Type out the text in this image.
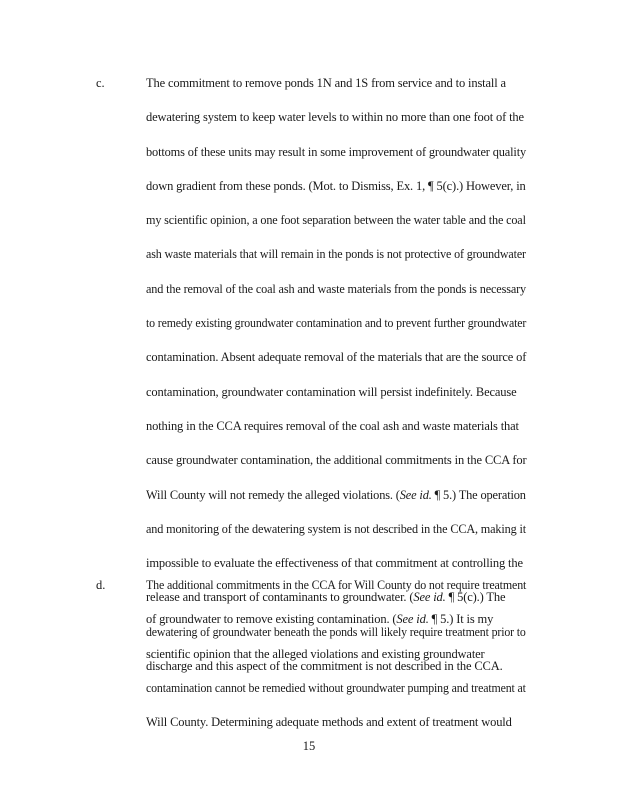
c.	The commitment to remove ponds 1N and 1S from service and to install a
dewatering system to keep water levels to within no more than one foot of the
bottoms of these units may result in some improvement of groundwater quality
down gradient from these ponds. (Mot. to Dismiss, Ex. 1, ¶ 5(c).) However, in
my scientific opinion, a one foot separation between the water table and the coal
ash waste materials that will remain in the ponds is not protective of groundwater
and the removal of the coal ash and waste materials from the ponds is necessary
to remedy existing groundwater contamination and to prevent further groundwater
contamination. Absent adequate removal of the materials that are the source of
contamination, groundwater contamination will persist indefinitely. Because
nothing in the CCA requires removal of the coal ash and waste materials that
cause groundwater contamination, the additional commitments in the CCA for
Will County will not remedy the alleged violations. (See id. ¶ 5.) The operation
and monitoring of the dewatering system is not described in the CCA, making it
impossible to evaluate the effectiveness of that commitment at controlling the
release and transport of contaminants to groundwater. (See id. ¶ 5(c).) The
dewatering of groundwater beneath the ponds will likely require treatment prior to
discharge and this aspect of the commitment is not described in the CCA.
d.	The additional commitments in the CCA for Will County do not require treatment
of groundwater to remove existing contamination. (See id. ¶ 5.) It is my
scientific opinion that the alleged violations and existing groundwater
contamination cannot be remedied without groundwater pumping and treatment at
Will County. Determining adequate methods and extent of treatment would
15
